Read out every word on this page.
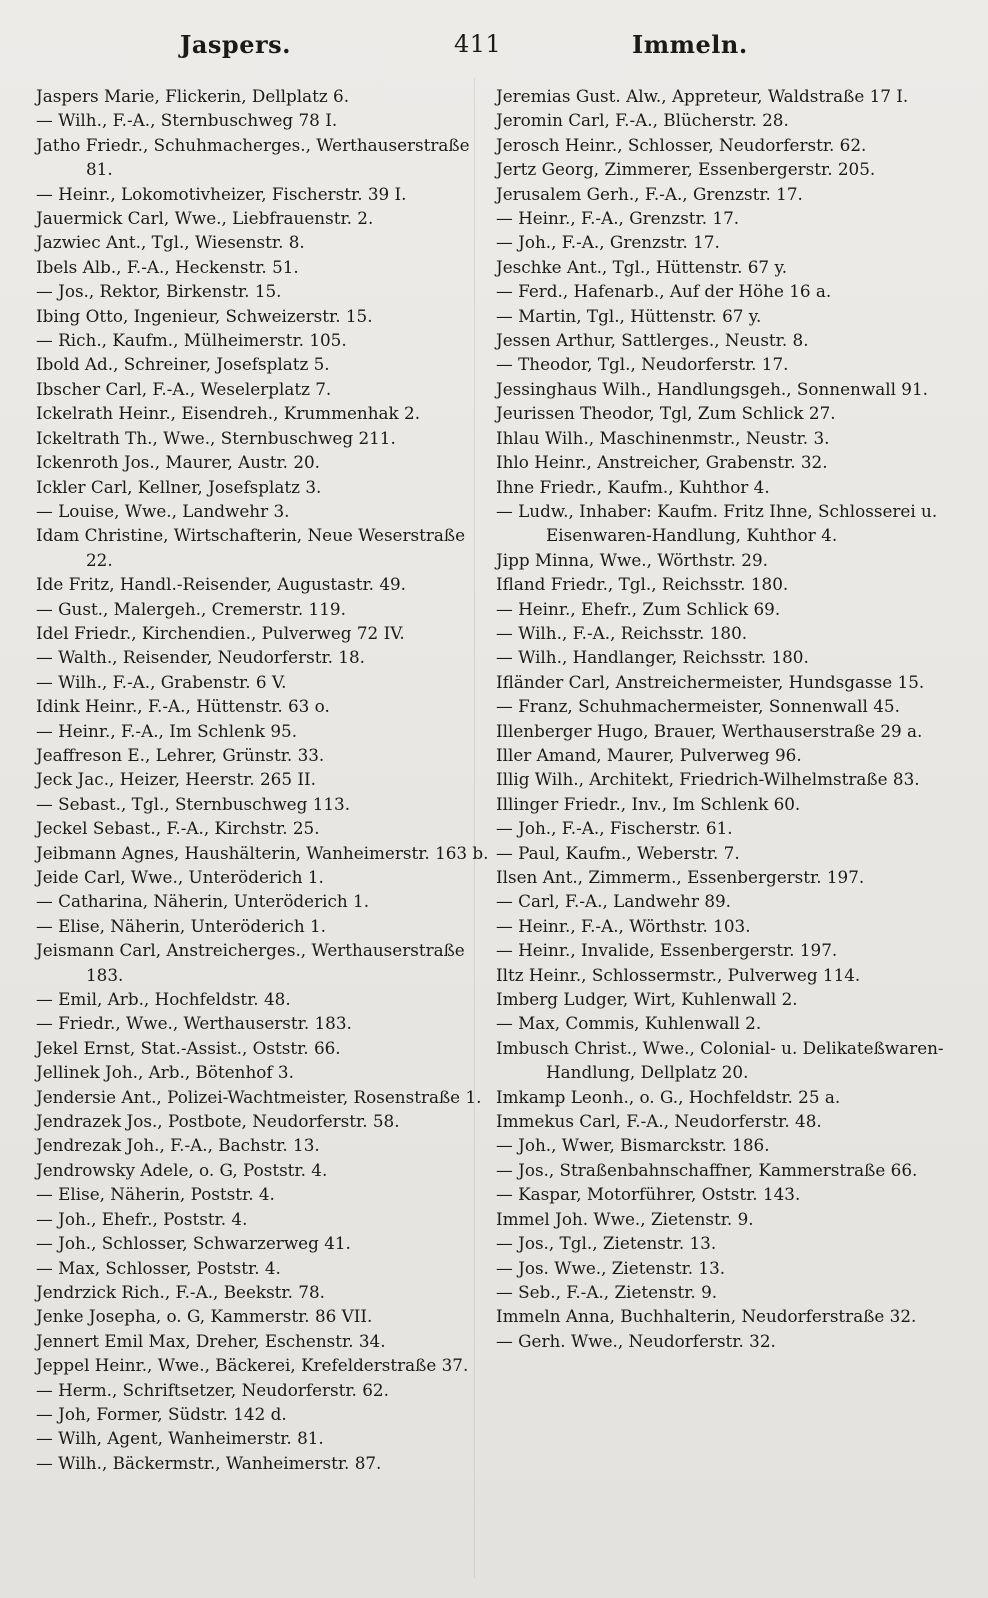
Jaspers.	411	Immeln.
Jaspers Marie, Flickerin, Dellplatz 6.
— Wilh., F.-A., Sternbuschweg 78 I.
Jatho Friedr., Schuhmacherges., Werthauserstraße 81.
— Heinr., Lokomotivheizer, Fischerstr. 39 I.
Jauermick Carl, Wwe., Liebfrauenstr. 2.
Jazwiec Ant., Tgl., Wiesenstr. 8.
Ibels Alb., F.-A., Heckenstr. 51.
— Jos., Rektor, Birkenstr. 15.
Ibing Otto, Ingenieur, Schweizerstr. 15.
— Rich., Kaufm., Mülheimerstr. 105.
Ibold Ad., Schreiner, Josefsplatz 5.
Ibscher Carl, F.-A., Weselerplatz 7.
Ickelrath Heinr., Eisendreh., Krummenhak 2.
Ickeltrath Th., Wwe., Sternbuschweg 211.
Ickenroth Jos., Maurer, Austr. 20.
Ickler Carl, Kellner, Josefsplatz 3.
— Louise, Wwe., Landwehr 3.
Idam Christine, Wirtschafterin, Neue Weserstraße 22.
Ide Fritz, Handl.-Reisender, Augustastr. 49.
— Gust., Malergeh., Cremerstr. 119.
Idel Friedr., Kirchendien., Pulverweg 72 IV.
— Walth., Reisender, Neudorferstr. 18.
— Wilh., F.-A., Grabenstr. 6 V.
Idink Heinr., F.-A., Hüttenstr. 63 o.
— Heinr., F.-A., Im Schlenk 95.
Jeaffreson E., Lehrer, Grünstr. 33.
Jeck Jac., Heizer, Heerstr. 265 II.
— Sebast., Tgl., Sternbuschweg 113.
Jeckel Sebast., F.-A., Kirchstr. 25.
Jeibmann Agnes, Haushälterin, Wanheimerstr. 163 b.
Jeide Carl, Wwe., Unteröderich 1.
— Catharina, Näherin, Unteröderich 1.
— Elise, Näherin, Unteröderich 1.
Jeismann Carl, Anstreicherges., Werthauserstraße 183.
— Emil, Arb., Hochfeldstr. 48.
— Friedr., Wwe., Werthauserstr. 183.
Jekel Ernst, Stat.-Assist., Oststr. 66.
Jellinek Joh., Arb., Bötenhof 3.
Jendersie Ant., Polizei-Wachtmeister, Rosenstraße 1.
Jendrazek Jos., Postbote, Neudorferstr. 58.
Jendrezak Joh., F.-A., Bachstr. 13.
Jendrowsky Adele, o. G, Poststr. 4.
— Elise, Näherin, Poststr. 4.
— Joh., Ehefr., Poststr. 4.
— Joh., Schlosser, Schwarzerweg 41.
— Max, Schlosser, Poststr. 4.
Jendrzick Rich., F.-A., Beekstr. 78.
Jenke Josepha, o. G, Kammerstr. 86 VII.
Jennert Emil Max, Dreher, Eschenstr. 34.
Jeppel Heinr., Wwe., Bäckerei, Krefelderstraße 37.
— Herm., Schriftsetzer, Neudorferstr. 62.
— Joh, Former, Südstr. 142 d.
— Wilh, Agent, Wanheimerstr. 81.
— Wilh., Bäckermstr., Wanheimerstr. 87.
Jeremias Gust. Alw., Appreteur, Waldstraße 17 I.
Jeromin Carl, F.-A., Blücherstr. 28.
Jerosch Heinr., Schlosser, Neudorferstr. 62.
Jertz Georg, Zimmerer, Essenbergerstr. 205.
Jerusalem Gerh., F.-A., Grenzstr. 17.
— Heinr., F.-A., Grenzstr. 17.
— Joh., F.-A., Grenzstr. 17.
Jeschke Ant., Tgl., Hüttenstr. 67 y.
— Ferd., Hafenarb., Auf der Höhe 16 a.
— Martin, Tgl., Hüttenstr. 67 y.
Jessen Arthur, Sattlerges., Neustr. 8.
— Theodor, Tgl., Neudorferstr. 17.
Jessinghaus Wilh., Handlungsgeh., Sonnenwall 91.
Jeurissen Theodor, Tgl, Zum Schlick 27.
Ihlau Wilh., Maschinenmstr., Neustr. 3.
Ihlo Heinr., Anstreicher, Grabenstr. 32.
Ihne Friedr., Kaufm., Kuhthor 4.
— Ludw., Inhaber: Kaufm. Fritz Ihne, Schlosserei u. Eisenwaren-Handlung, Kuhthor 4.
Jipp Minna, Wwe., Wörthstr. 29.
Ifland Friedr., Tgl., Reichsstr. 180.
— Heinr., Ehefr., Zum Schlick 69.
— Wilh., F.-A., Reichsstr. 180.
— Wilh., Handlanger, Reichsstr. 180.
Ifländer Carl, Anstreichermeister, Hundsgasse 15.
— Franz, Schuhmachermeister, Sonnenwall 45.
Illenberger Hugo, Brauer, Werthauserstraße 29 a.
Iller Amand, Maurer, Pulverweg 96.
Illig Wilh., Architekt, Friedrich-Wilhelmstraße 83.
Illinger Friedr., Inv., Im Schlenk 60.
— Joh., F.-A., Fischerstr. 61.
— Paul, Kaufm., Weberstr. 7.
Ilsen Ant., Zimmerm., Essenbergerstr. 197.
— Carl, F.-A., Landwehr 89.
— Heinr., F.-A., Wörthstr. 103.
— Heinr., Invalide, Essenbergerstr. 197.
Iltz Heinr., Schlossermstr., Pulverweg 114.
Imberg Ludger, Wirt, Kuhlenwall 2.
— Max, Commis, Kuhlenwall 2.
Imbusch Christ., Wwe., Colonial- u. Delikateßwaren-Handlung, Dellplatz 20.
Imkamp Leonh., o. G., Hochfeldstr. 25 a.
Immekus Carl, F.-A., Neudorferstr. 48.
— Joh., Wwer, Bismarckstr. 186.
— Jos., Straßenbahnschaffner, Kammerstraße 66.
— Kaspar, Motorführer, Oststr. 143.
Immel Joh. Wwe., Zietenstr. 9.
— Jos., Tgl., Zietenstr. 13.
— Jos. Wwe., Zietenstr. 13.
— Seb., F.-A., Zietenstr. 9.
Immeln Anna, Buchhalterin, Neudorferstraße 32.
— Gerh. Wwe., Neudorferstr. 32.
